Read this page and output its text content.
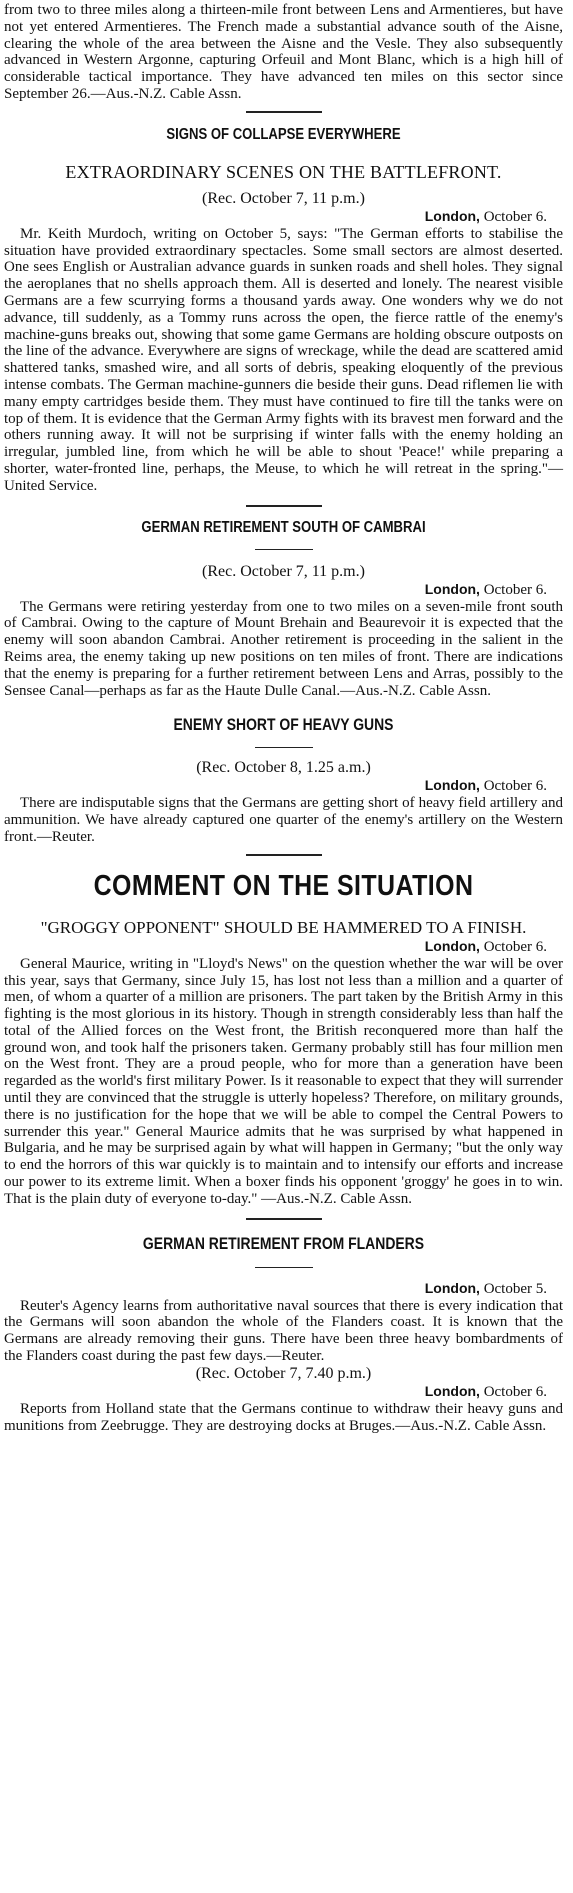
from two to three miles along a thirteen-mile front between Lens and Armentieres, but have not yet entered Armentieres. The French made a substantial advance south of the Aisne, clearing the whole of the area between the Aisne and the Vesle. They also subsequently advanced in Western Argonne, capturing Orfeuil and Mont Blanc, which is a high hill of considerable tactical importance. They have advanced ten miles on this sector since September 26.—Aus.-N.Z. Cable Assn.

SIGNS OF COLLAPSE EVERYWHERE
EXTRAORDINARY SCENES ON THE BATTLEFRONT.
(Rec. October 7, 11 p.m.)
London, October 6.

Mr. Keith Murdoch, writing on October 5, says: "The German efforts to stabilise the situation have provided extraordinary spectacles. Some small sectors are almost deserted. One sees English or Australian advance guards in sunken roads and shell holes. They signal the aeroplanes that no shells approach them. All is deserted and lonely. The nearest visible Germans are a few scurrying forms a thousand yards away. One wonders why we do not advance, till suddenly, as a Tommy runs across the open, the fierce rattle of the enemy's machine-guns breaks out, showing that some game Germans are holding obscure outposts on the line of the advance. Everywhere are signs of wreckage, while the dead are scattered amid shattered tanks, smashed wire, and all sorts of debris, speaking eloquently of the previous intense combats. The German machine-gunners die beside their guns. Dead riflemen lie with many empty cartridges beside them. They must have continued to fire till the tanks were on top of them. It is evidence that the German Army fights with its bravest men forward and the others running away. It will not be surprising if winter falls with the enemy holding an irregular, jumbled line, from which he will be able to shout 'Peace!' while preparing a shorter, water-fronted line, perhaps, the Meuse, to which he will retreat in the spring."—United Service.

GERMAN RETIREMENT SOUTH OF CAMBRAI
(Rec. October 7, 11 p.m.)
London, October 6.

The Germans were retiring yesterday from one to two miles on a seven-mile front south of Cambrai. Owing to the capture of Mount Brehain and Beaurevoir it is expected that the enemy will soon abandon Cambrai. Another retirement is proceeding in the salient in the Reims area, the enemy taking up new positions on ten miles of front. There are indications that the enemy is preparing for a further retirement between Lens and Arras, possibly to the Sensee Canal—perhaps as far as the Haute Dulle Canal.—Aus.-N.Z. Cable Assn.

ENEMY SHORT OF HEAVY GUNS
(Rec. October 8, 1.25 a.m.)
London, October 6.

There are indisputable signs that the Germans are getting short of heavy field artillery and ammunition. We have already captured one quarter of the enemy's artillery on the Western front.—Reuter.

COMMENT ON THE SITUATION
"GROGGY OPPONENT" SHOULD BE HAMMERED TO A FINISH.
London, October 6.

General Maurice, writing in "Lloyd's News" on the question whether the war will be over this year, says that Germany, since July 15, has lost not less than a million and a quarter of men, of whom a quarter of a million are prisoners. The part taken by the British Army in this fighting is the most glorious in its history. Though in strength considerably less than half the total of the Allied forces on the West front, the British reconquered more than half the ground won, and took half the prisoners taken. Germany probably still has four million men on the West front. They are a proud people, who for more than a generation have been regarded as the world's first military Power. Is it reasonable to expect that they will surrender until they are convinced that the struggle is utterly hopeless? Therefore, on military grounds, there is no justification for the hope that we will be able to compel the Central Powers to surrender this year." General Maurice admits that he was surprised by what happened in Bulgaria, and he may be surprised again by what will happen in Germany; "but the only way to end the horrors of this war quickly is to maintain and to intensify our efforts and increase our power to its extreme limit. When a boxer finds his opponent 'groggy' he goes in to win. That is the plain duty of everyone to-day." —Aus.-N.Z. Cable Assn.

GERMAN RETIREMENT FROM FLANDERS
London, October 5.

Reuter's Agency learns from authoritative naval sources that there is every indication that the Germans will soon abandon the whole of the Flanders coast. It is known that the Germans are already removing their guns. There have been three heavy bombardments of the Flanders coast during the past few days.—Reuter.

(Rec. October 7, 7.40 p.m.)
London, October 6.

Reports from Holland state that the Germans continue to withdraw their heavy guns and munitions from Zeebrugge. They are destroying docks at Bruges.—Aus.-N.Z. Cable Assn.
